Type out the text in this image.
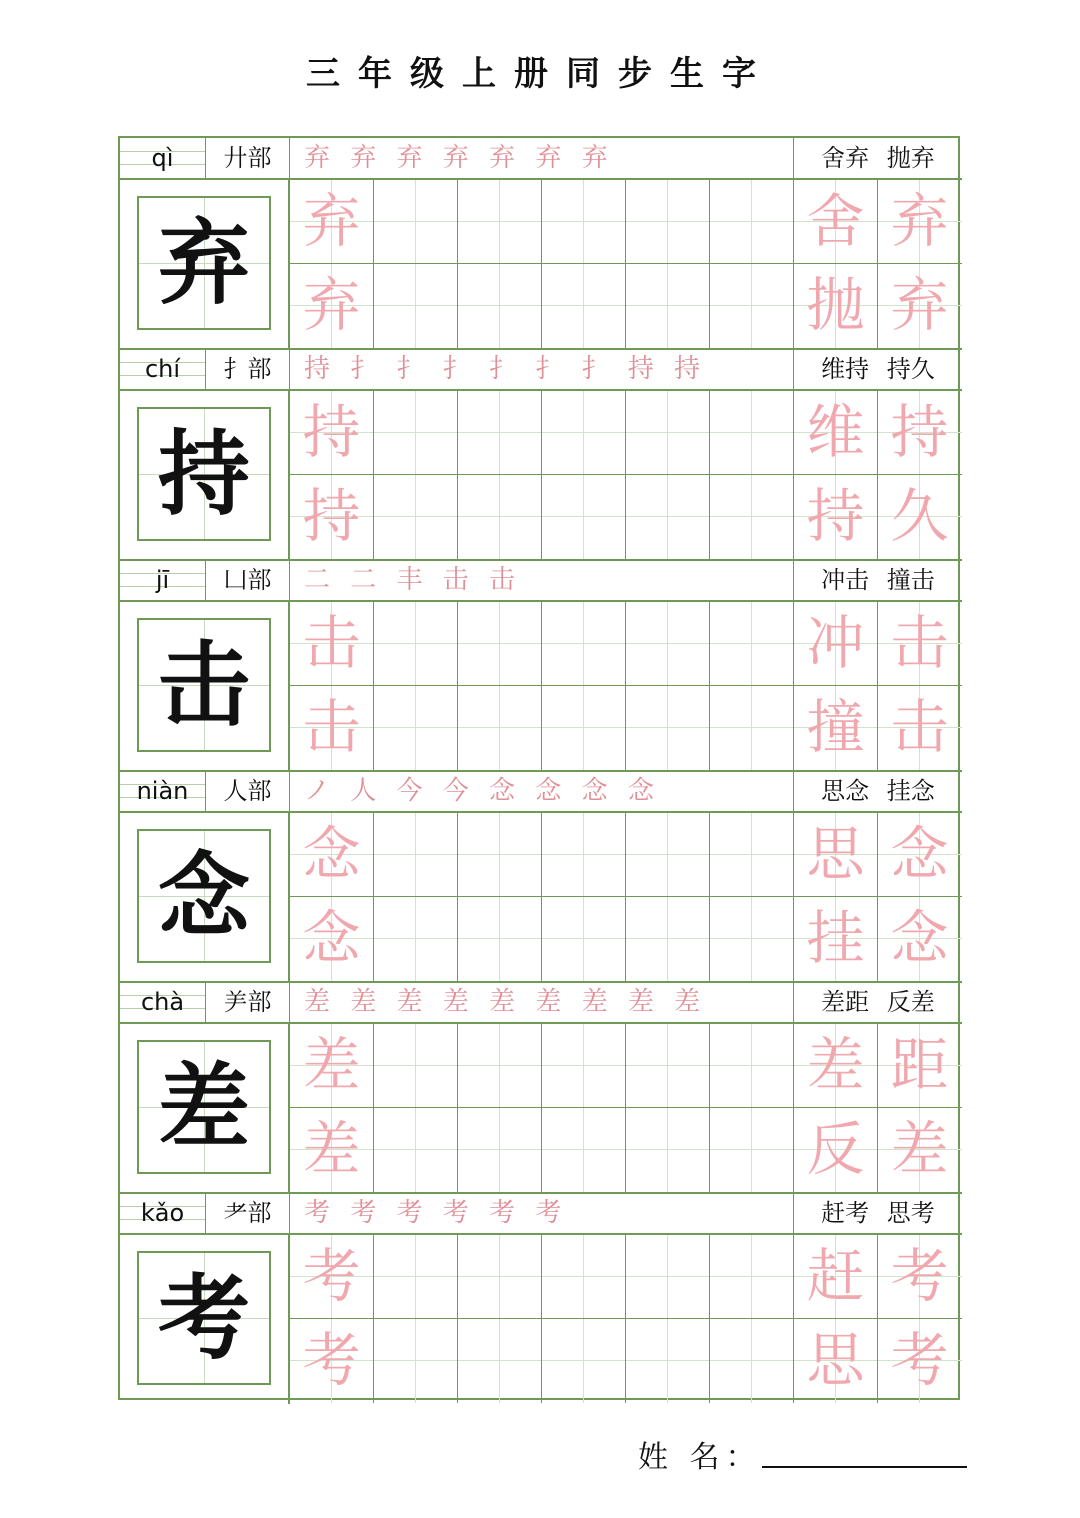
三年级上册同步生字
qì	廾部	弃 弃 弃 弃 弃 弃 弃	舍弃 抛弃
弃 弃	舍 弃
弃	抛 弃
chí	扌部	持 扌 扌 扌 扌 扌 扌 持 持	维持 持久
持 持	维 持
持	持 久
jī	凵部	二 二 丰 击 击	冲击 撞击
击 击	冲 击
击	撞 击
niàn	人部	ノ 人 今 今 念 念 念 念	思念 挂念
念 念	思 念
念	挂 念
chà	⺶部	差 差 差 差 差 差 差 差 差	差距 反差
差 差	差 距
差	反 差
kǎo	耂部	考 考 考 考 考 考	赶考 思考
考 考	赶 考
考	思 考
姓 名：
